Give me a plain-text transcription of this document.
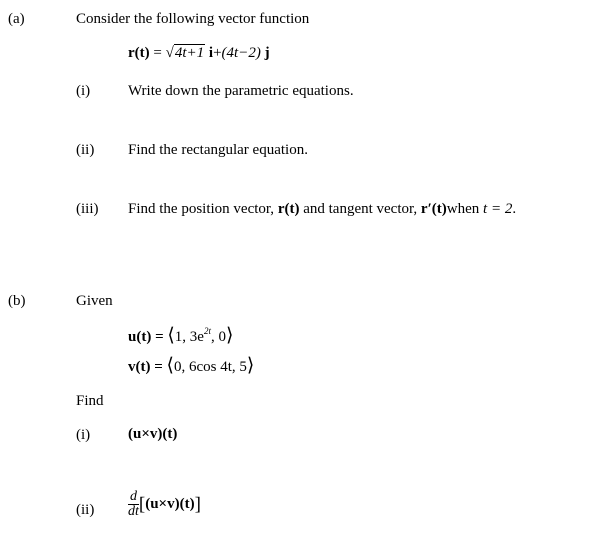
(a)	Consider the following vector function
r(t) = √4t+1 i+(4t−2) j
(i)	Write down the parametric equations.
(ii) Find the rectangular equation.
(iii) Find the position vector, r(t) and tangent vector, r′(t)when t = 2.
(b)	Given
u(t) = ⟨1, $3e^{2t}$, 0⟩
v(t) = ⟨0, 6cos 4t, 5⟩
Find
(i)	(u×v)(t)
$(ii) \frac{d}{dt} [(u\times v)(t)]$
